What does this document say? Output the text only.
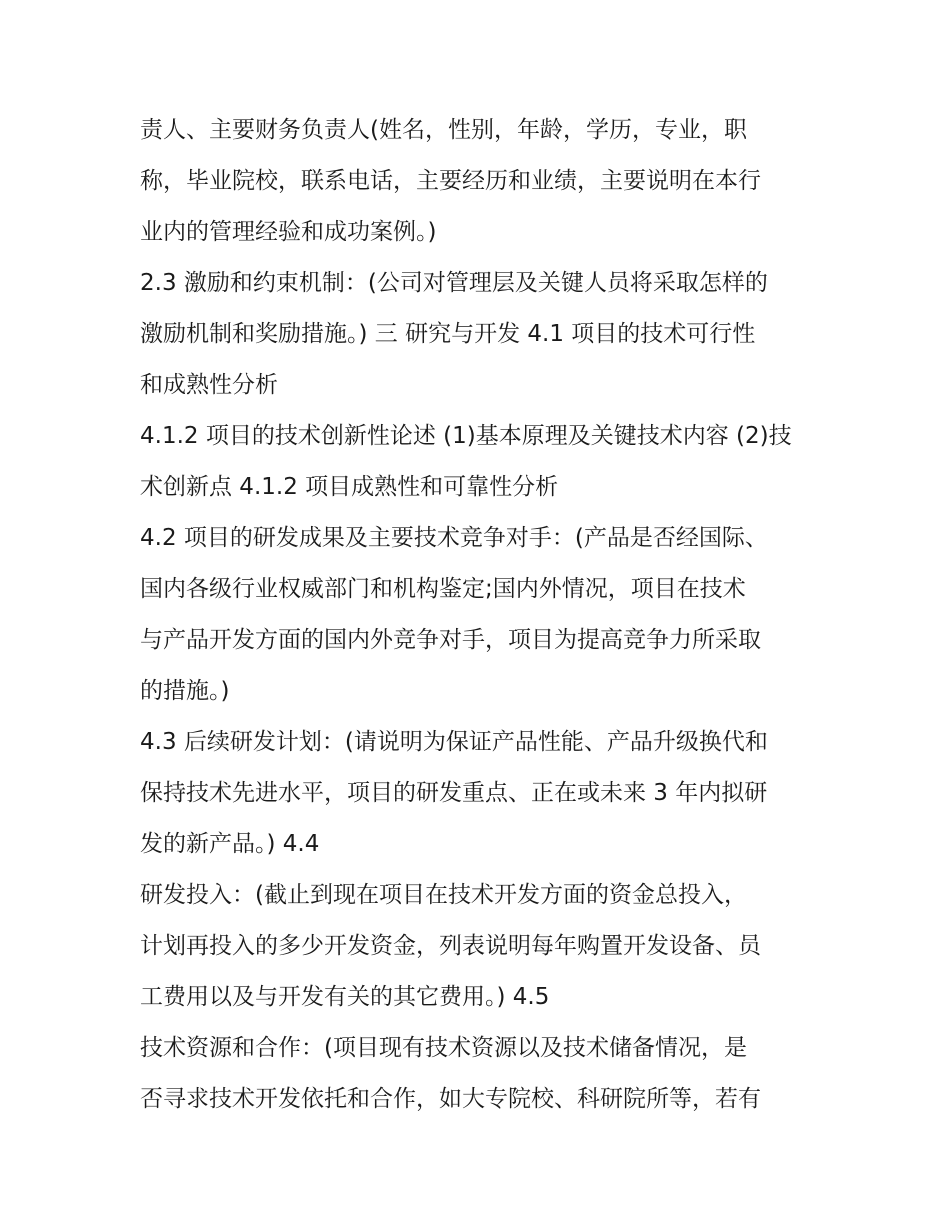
责人、主要财务负责人(姓名，性别，年龄，学历，专业，职
称，毕业院校，联系电话，主要经历和业绩，主要说明在本行
业内的管理经验和成功案例。)
2.3 激励和约束机制：(公司对管理层及关键人员将采取怎样的
激励机制和奖励措施。) 三 研究与开发 4.1 项目的技术可行性
和成熟性分析
4.1.2 项目的技术创新性论述 (1)基本原理及关键技术内容 (2)技
术创新点 4.1.2 项目成熟性和可靠性分析
4.2 项目的研发成果及主要技术竞争对手：(产品是否经国际、
国内各级行业权威部门和机构鉴定;国内外情况，项目在技术
与产品开发方面的国内外竞争对手，项目为提高竞争力所采取
的措施。)
4.3 后续研发计划：(请说明为保证产品性能、产品升级换代和
保持技术先进水平，项目的研发重点、正在或未来 3 年内拟研
发的新产品。) 4.4
研发投入：(截止到现在项目在技术开发方面的资金总投入，
计划再投入的多少开发资金，列表说明每年购置开发设备、员
工费用以及与开发有关的其它费用。) 4.5
技术资源和合作：(项目现有技术资源以及技术储备情况，是
否寻求技术开发依托和合作，如大专院校、科研院所等，若有
